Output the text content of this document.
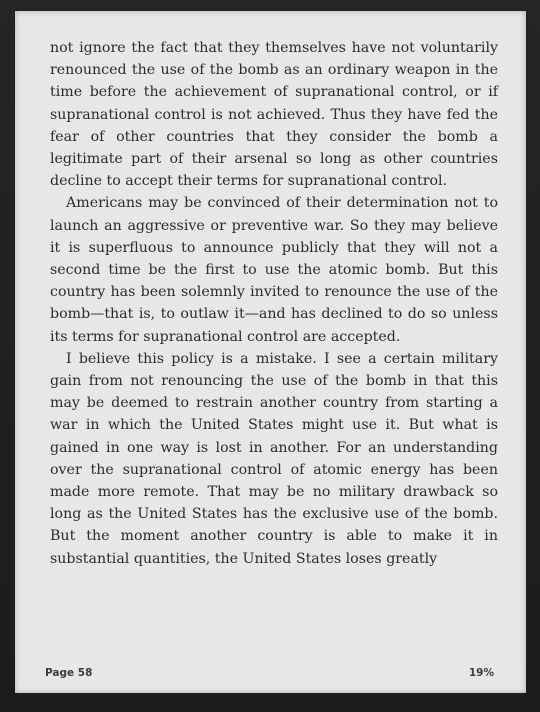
not ignore the fact that they themselves have not voluntarily renounced the use of the bomb as an ordinary weapon in the time before the achievement of supranational control, or if supranational control is not achieved. Thus they have fed the fear of other countries that they consider the bomb a legitimate part of their arsenal so long as other countries decline to accept their terms for supranational control.

Americans may be convinced of their determination not to launch an aggressive or preventive war. So they may believe it is superfluous to announce publicly that they will not a second time be the first to use the atomic bomb. But this country has been solemnly invited to renounce the use of the bomb—that is, to outlaw it—and has declined to do so unless its terms for supranational control are accepted.

I believe this policy is a mistake. I see a certain military gain from not renouncing the use of the bomb in that this may be deemed to restrain another country from starting a war in which the United States might use it. But what is gained in one way is lost in another. For an understanding over the supranational control of atomic energy has been made more remote. That may be no military drawback so long as the United States has the exclusive use of the bomb. But the moment another country is able to make it in substantial quantities, the United States loses greatly

Page 58	19%
